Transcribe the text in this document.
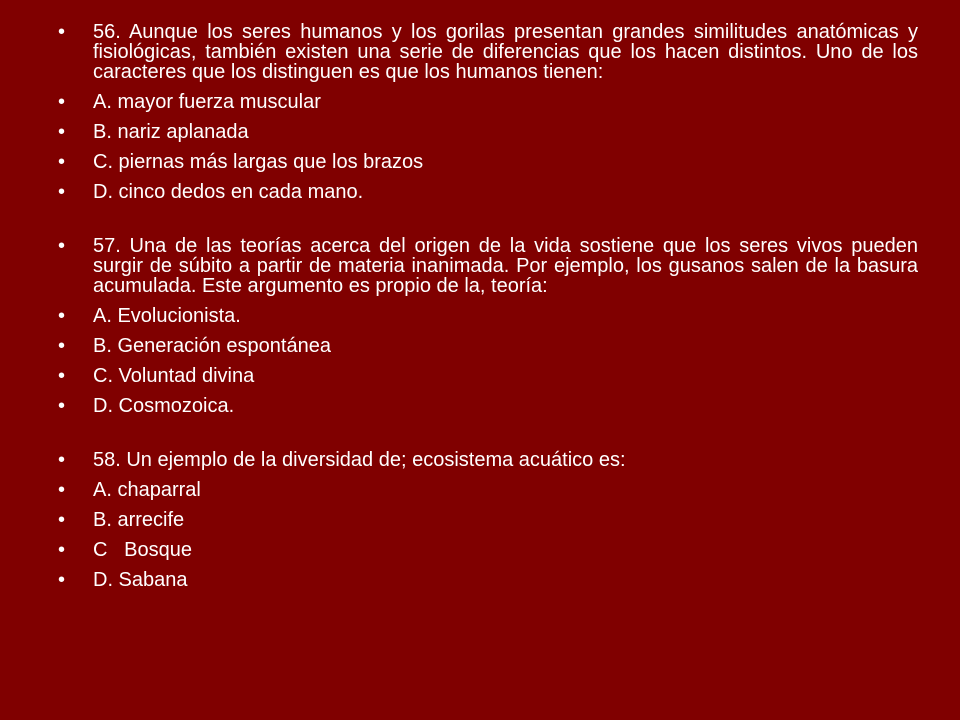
•	56. Aunque los seres humanos y los gorilas presentan grandes similitudes anatómicas y fisiológicas, también existen una serie de diferencias que los hacen distintos. Uno de los caracteres que los distinguen es que los humanos tienen:
•	A. mayor fuerza muscular
•	B. nariz aplanada
•	C. piernas más largas que los brazos
•	D. cinco dedos en cada mano.
•	57. Una de las teorías acerca del origen de la vida sostiene que los seres vivos pueden surgir de súbito a partir de materia inanimada. Por ejemplo, los gusanos salen de la basura acumulada. Este argumento es propio de la, teoría:
•	A. Evolucionista.
•	B. Generación espontánea
•	C. Voluntad divina
•	D. Cosmozoica.
•	58. Un ejemplo de la diversidad de; ecosistema acuático es:
•	A. chaparral
•	B. arrecife
•	C   Bosque
•	D. Sabana
